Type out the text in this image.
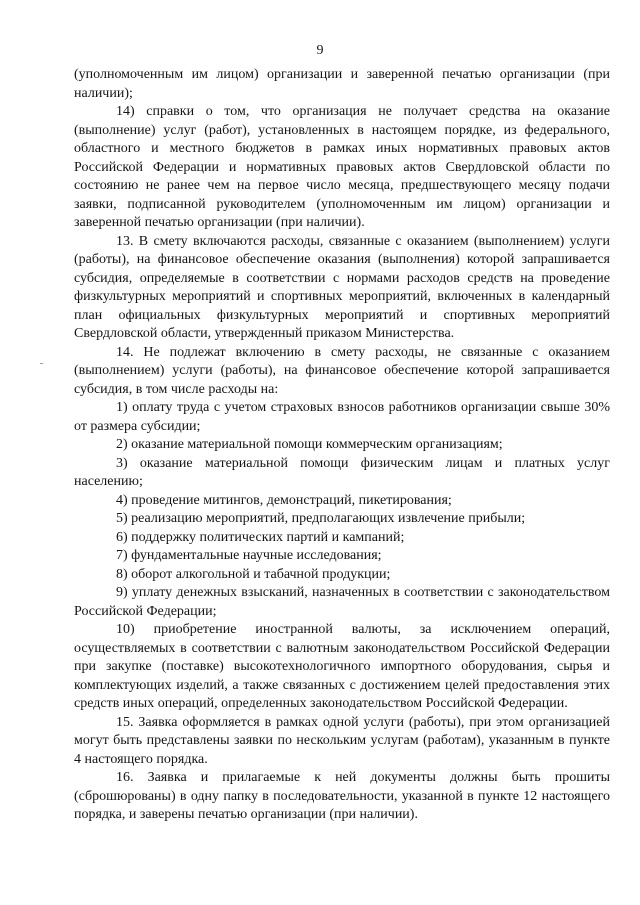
9

(уполномоченным им лицом) организации и заверенной печатью организации (при наличии);

14) справки о том, что организация не получает средства на оказание (выполнение) услуг (работ), установленных в настоящем порядке, из федерального, областного и местного бюджетов в рамках иных нормативных правовых актов Российской Федерации и нормативных правовых актов Свердловской области по состоянию не ранее чем на первое число месяца, предшествующего месяцу подачи заявки, подписанной руководителем (уполномоченным им лицом) организации и заверенной печатью организации (при наличии).

13. В смету включаются расходы, связанные с оказанием (выполнением) услуги (работы), на финансовое обеспечение оказания (выполнения) которой запрашивается субсидия, определяемые в соответствии с нормами расходов средств на проведение физкультурных мероприятий и спортивных мероприятий, включенных в календарный план официальных физкультурных мероприятий и спортивных мероприятий Свердловской области, утвержденный приказом Министерства.

14. Не подлежат включению в смету расходы, не связанные с оказанием (выполнением) услуги (работы), на финансовое обеспечение которой запрашивается субсидия, в том числе расходы на:

1) оплату труда с учетом страховых взносов работников организации свыше 30% от размера субсидии;

2) оказание материальной помощи коммерческим организациям;

3) оказание материальной помощи физическим лицам и платных услуг населению;

4) проведение митингов, демонстраций, пикетирования;

5) реализацию мероприятий, предполагающих извлечение прибыли;

6) поддержку политических партий и кампаний;

7) фундаментальные научные исследования;

8) оборот алкогольной и табачной продукции;

9) уплату денежных взысканий, назначенных в соответствии с законодательством Российской Федерации;

10) приобретение иностранной валюты, за исключением операций, осуществляемых в соответствии с валютным законодательством Российской Федерации при закупке (поставке) высокотехнологичного импортного оборудования, сырья и комплектующих изделий, а также связанных с достижением целей предоставления этих средств иных операций, определенных законодательством Российской Федерации.

15. Заявка оформляется в рамках одной услуги (работы), при этом организацией могут быть представлены заявки по нескольким услугам (работам), указанным в пункте 4 настоящего порядка.

16. Заявка и прилагаемые к ней документы должны быть прошиты (сброшюрованы) в одну папку в последовательности, указанной в пункте 12 настоящего порядка, и заверены печатью организации (при наличии).
